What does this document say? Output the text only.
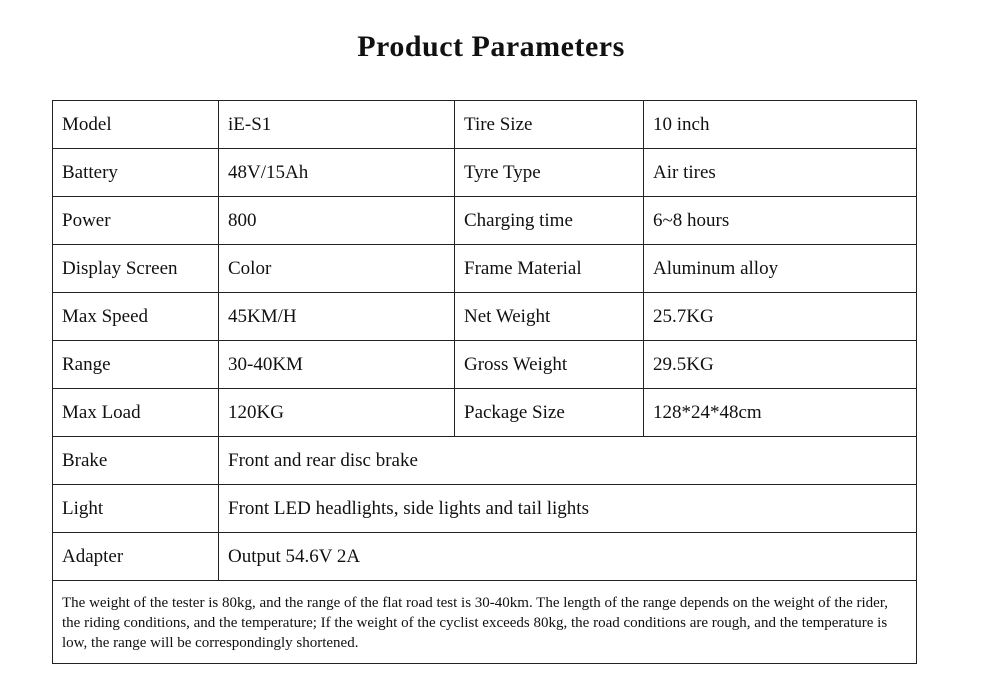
Product Parameters
Model	iE-S1	Tire Size	10 inch
Battery	48V/15Ah	Tyre Type	Air tires
Power	800	Charging time	6~8 hours
Display Screen	Color	Frame Material	Aluminum alloy
Max Speed	45KM/H	Net Weight	25.7KG
Range	30-40KM	Gross Weight	29.5KG
Max Load	120KG	Package Size	128*24*48cm
Brake	Front and rear disc brake		
Light	Front LED headlights, side lights and tail lights		
Adapter	Output 54.6V 2A		
The weight of the tester is 80kg, and the range of the flat road test is 30-40km. The length of the range depends on the weight of the rider, the riding conditions, and the temperature; If the weight of the cyclist exceeds 80kg, the road conditions are rough, and the temperature is low, the range will be correspondingly shortened.			
